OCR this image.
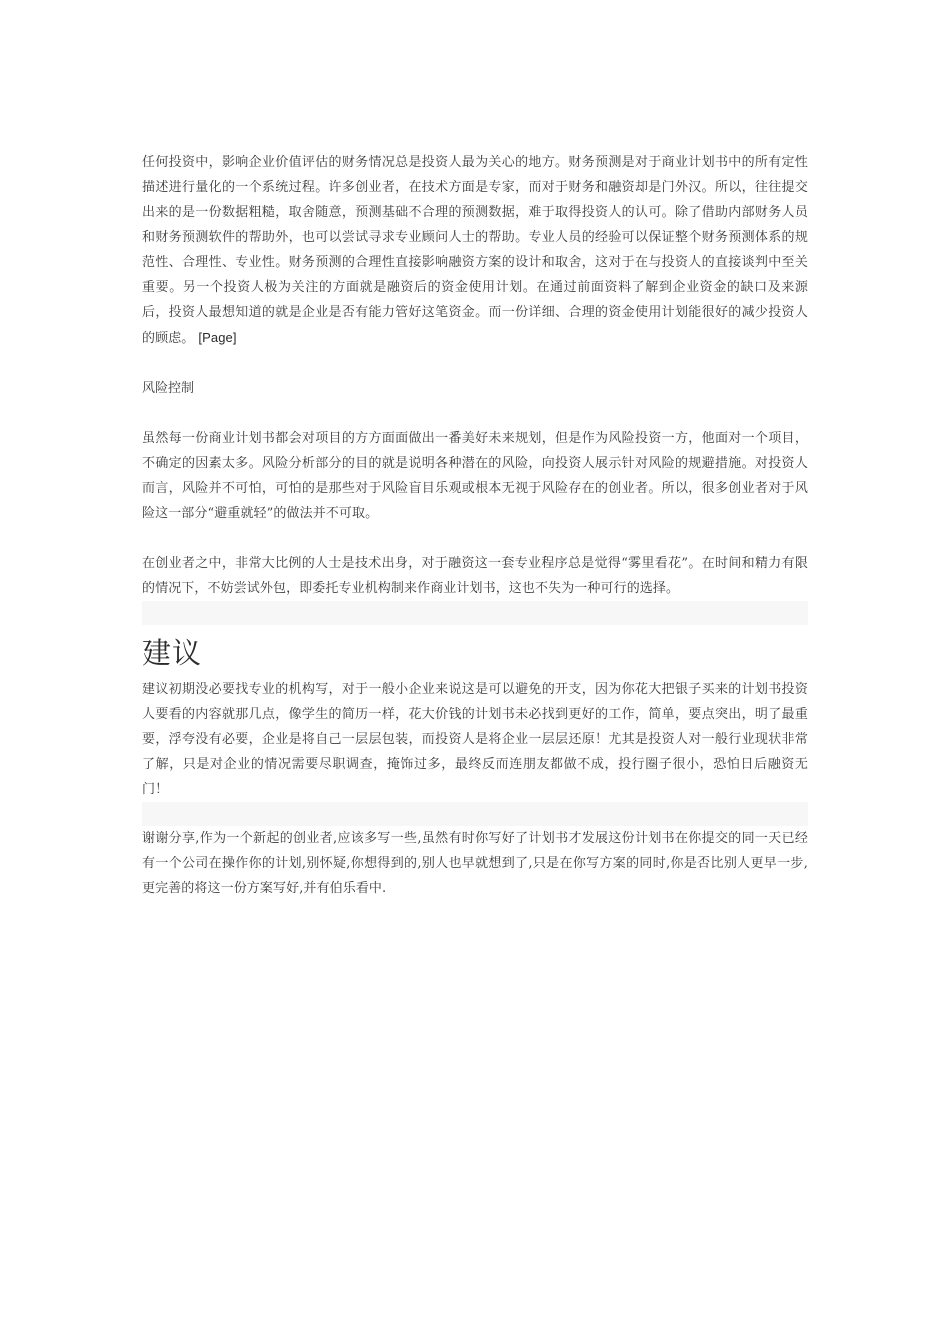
任何投资中，影响企业价值评估的财务情况总是投资人最为关心的地方。财务预测是对于商业计划书中的所有定性描述进行量化的一个系统过程。许多创业者，在技术方面是专家，而对于财务和融资却是门外汉。所以，往往提交出来的是一份数据粗糙，取舍随意，预测基础不合理的预测数据，难于取得投资人的认可。除了借助内部财务人员和财务预测软件的帮助外，也可以尝试寻求专业顾问人士的帮助。专业人员的经验可以保证整个财务预测体系的规范性、合理性、专业性。财务预测的合理性直接影响融资方案的设计和取舍，这对于在与投资人的直接谈判中至关重要。另一个投资人极为关注的方面就是融资后的资金使用计划。在通过前面资料了解到企业资金的缺口及来源后，投资人最想知道的就是企业是否有能力管好这笔资金。而一份详细、合理的资金使用计划能很好的减少投资人的顾虑。 [Page]

风险控制

虽然每一份商业计划书都会对项目的方方面面做出一番美好未来规划，但是作为风险投资一方，他面对一个项目，不确定的因素太多。风险分析部分的目的就是说明各种潜在的风险，向投资人展示针对风险的规避措施。对投资人而言，风险并不可怕，可怕的是那些对于风险盲目乐观或根本无视于风险存在的创业者。所以，很多创业者对于风险这一部分“避重就轻”的做法并不可取。

在创业者之中，非常大比例的人士是技术出身，对于融资这一套专业程序总是觉得“雾里看花”。在时间和精力有限的情况下，不妨尝试外包，即委托专业机构制来作商业计划书，这也不失为一种可行的选择。

建议

建议初期没必要找专业的机构写，对于一般小企业来说这是可以避免的开支，因为你花大把银子买来的计划书投资人要看的内容就那几点，像学生的简历一样，花大价钱的计划书未必找到更好的工作，简单，要点突出，明了最重要，浮夸没有必要，企业是将自己一层层包装，而投资人是将企业一层层还原！尤其是投资人对一般行业现状非常了解，只是对企业的情况需要尽职调查，掩饰过多，最终反而连朋友都做不成，投行圈子很小，恐怕日后融资无门！

谢谢分享,作为一个新起的创业者,应该多写一些,虽然有时你写好了计划书才发展这份计划书在你提交的同一天已经有一个公司在操作你的计划,别怀疑,你想得到的,别人也早就想到了,只是在你写方案的同时,你是否比别人更早一步,更完善的将这一份方案写好,并有伯乐看中.
